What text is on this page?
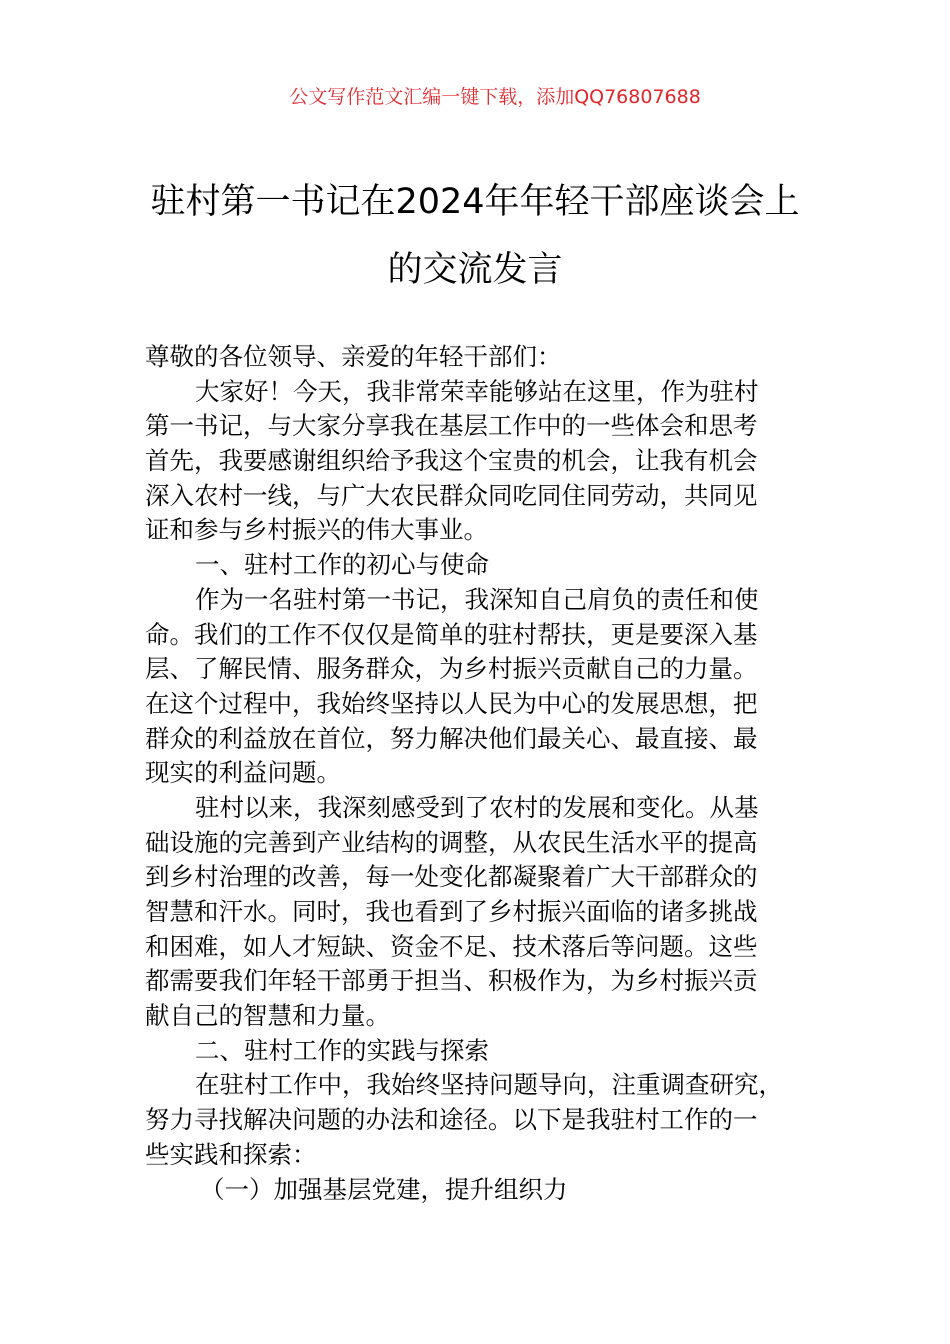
公文写作范文汇编一键下载，添加QQ76807688
驻村第一书记在2024年年轻干部座谈会上
的交流发言
尊敬的各位领导、亲爱的年轻干部们：
大家好！今天，我非常荣幸能够站在这里，作为驻村
第一书记，与大家分享我在基层工作中的一些体会和思考
首先，我要感谢组织给予我这个宝贵的机会，让我有机会
深入农村一线，与广大农民群众同吃同住同劳动，共同见
证和参与乡村振兴的伟大事业。
一、驻村工作的初心与使命
作为一名驻村第一书记，我深知自己肩负的责任和使
命。我们的工作不仅仅是简单的驻村帮扶，更是要深入基
层、了解民情、服务群众，为乡村振兴贡献自己的力量。
在这个过程中，我始终坚持以人民为中心的发展思想，把
群众的利益放在首位，努力解决他们最关心、最直接、最
现实的利益问题。
驻村以来，我深刻感受到了农村的发展和变化。从基
础设施的完善到产业结构的调整，从农民生活水平的提高
到乡村治理的改善，每一处变化都凝聚着广大干部群众的
智慧和汗水。同时，我也看到了乡村振兴面临的诸多挑战
和困难，如人才短缺、资金不足、技术落后等问题。这些
都需要我们年轻干部勇于担当、积极作为，为乡村振兴贡
献自己的智慧和力量。
二、驻村工作的实践与探索
在驻村工作中，我始终坚持问题导向，注重调查研究，
努力寻找解决问题的办法和途径。以下是我驻村工作的一
些实践和探索：
（一）加强基层党建，提升组织力
